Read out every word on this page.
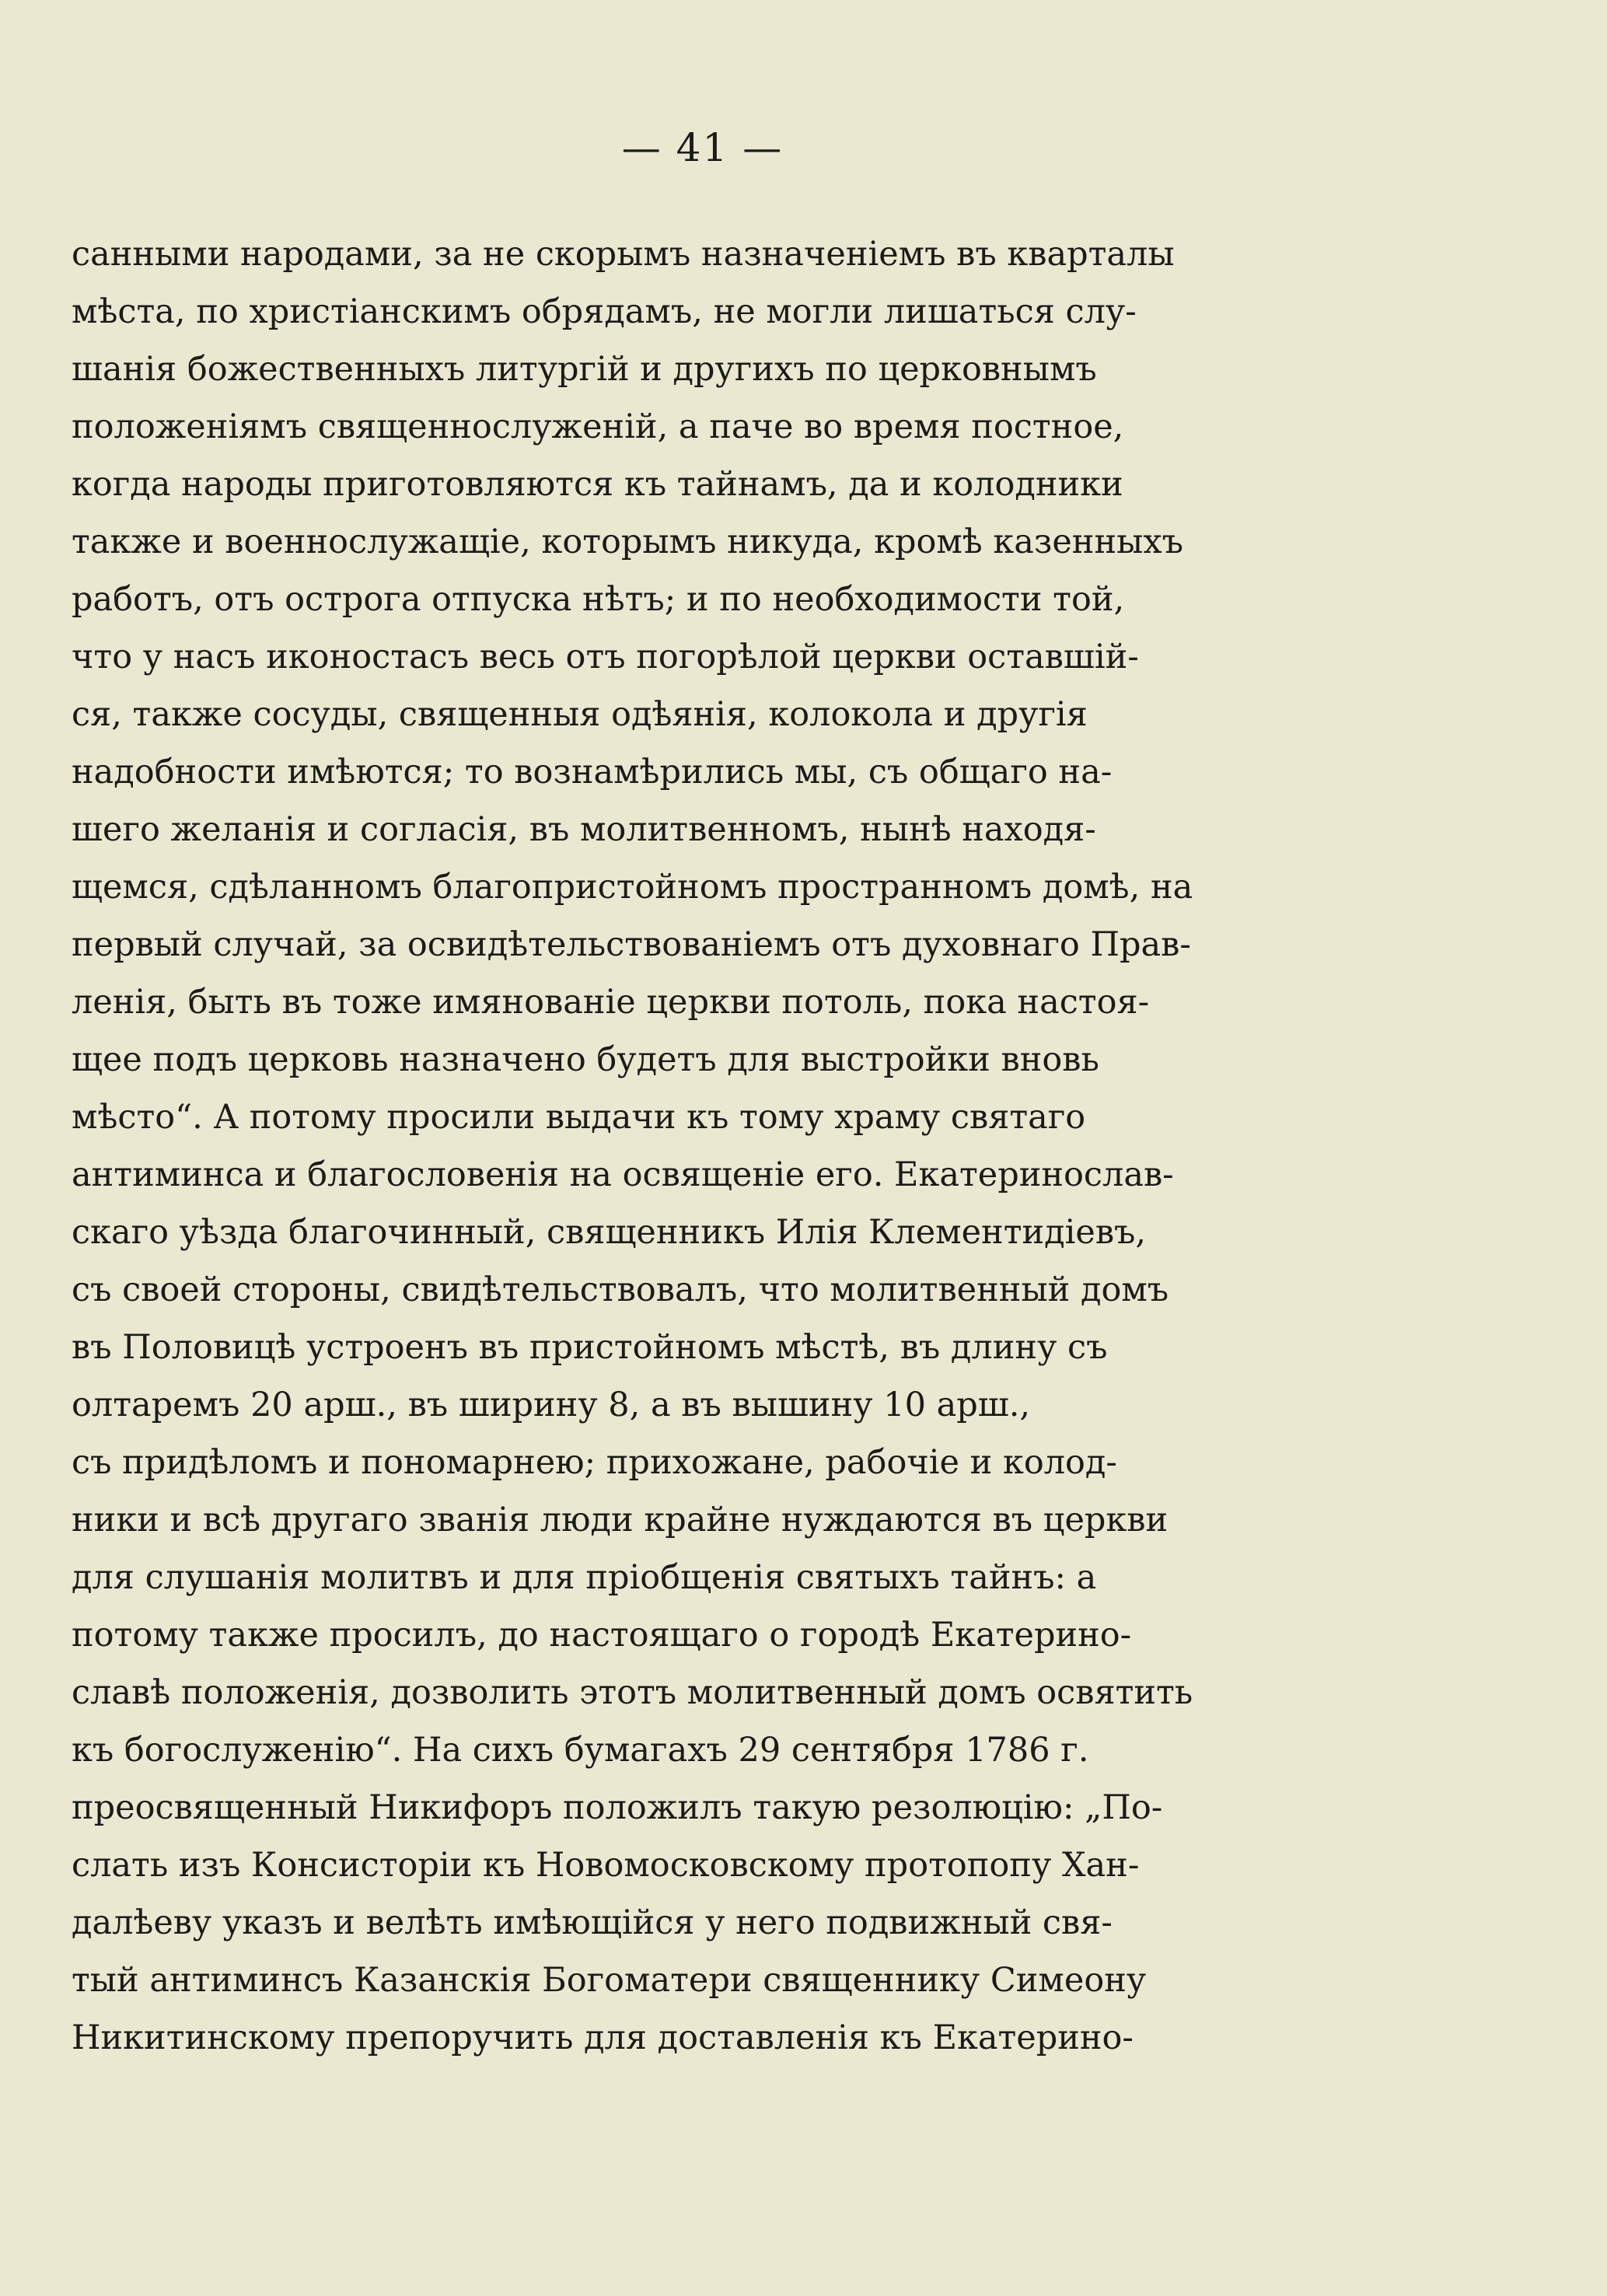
— 41 —
санными народами, за не скорымъ назначеніемъ въ кварталы
мѣста, по христіанскимъ обрядамъ, не могли лишаться слу-
шанія божественныхъ литургій и другихъ по церковнымъ
положеніямъ священнослуженій, а паче во время постное,
когда народы приготовляются къ тайнамъ, да и колодники
также и военнослужащіе, которымъ никуда, кромѣ казенныхъ
работъ, отъ острога отпуска нѣтъ; и по необходимости той,
что у насъ иконостасъ весь отъ погорѣлой церкви оставшій-
ся, также сосуды, священныя одѣянія, колокола и другія
надобности имѣются; то вознамѣрились мы, съ общаго на-
шего желанія и согласія, въ молитвенномъ, нынѣ находя-
щемся, сдѣланномъ благопристойномъ пространномъ домѣ, на
первый случай, за освидѣтельствованіемъ отъ духовнаго Прав-
ленія, быть въ тоже имянованіе церкви потоль, пока настоя-
щее подъ церковь назначено будетъ для выстройки вновь
мѣсто“. А потому просили выдачи къ тому храму святаго
антиминса и благословенія на освященіе его. Екатеринослав-
скаго уѣзда благочинный, священникъ Илія Клементидіевъ,
съ своей стороны, свидѣтельствовалъ, что молитвенный домъ
въ Половицѣ устроенъ въ пристойномъ мѣстѣ, въ длину съ
олтаремъ 20 арш., въ ширину 8, а въ вышину 10 арш.,
съ придѣломъ и пономарнею; прихожане, рабочіе и колод-
ники и всѣ другаго званія люди крайне нуждаются въ церкви
для слушанія молитвъ и для пріобщенія святыхъ тайнъ: а
потому также просилъ, до настоящаго о городѣ Екатерино-
славѣ положенія, дозволить этотъ молитвенный домъ освятить
къ богослуженію“. На сихъ бумагахъ 29 сентября 1786 г.
преосвященный Никифоръ положилъ такую резолюцію: „По-
слать изъ Консисторіи къ Новомосковскому протопопу Хан-
далѣеву указъ и велѣть имѣющійся у него подвижный свя-
тый антиминсъ Казанскія Богоматери священнику Симеону
Никитинскому препоручить для доставленія къ Екатерино-
